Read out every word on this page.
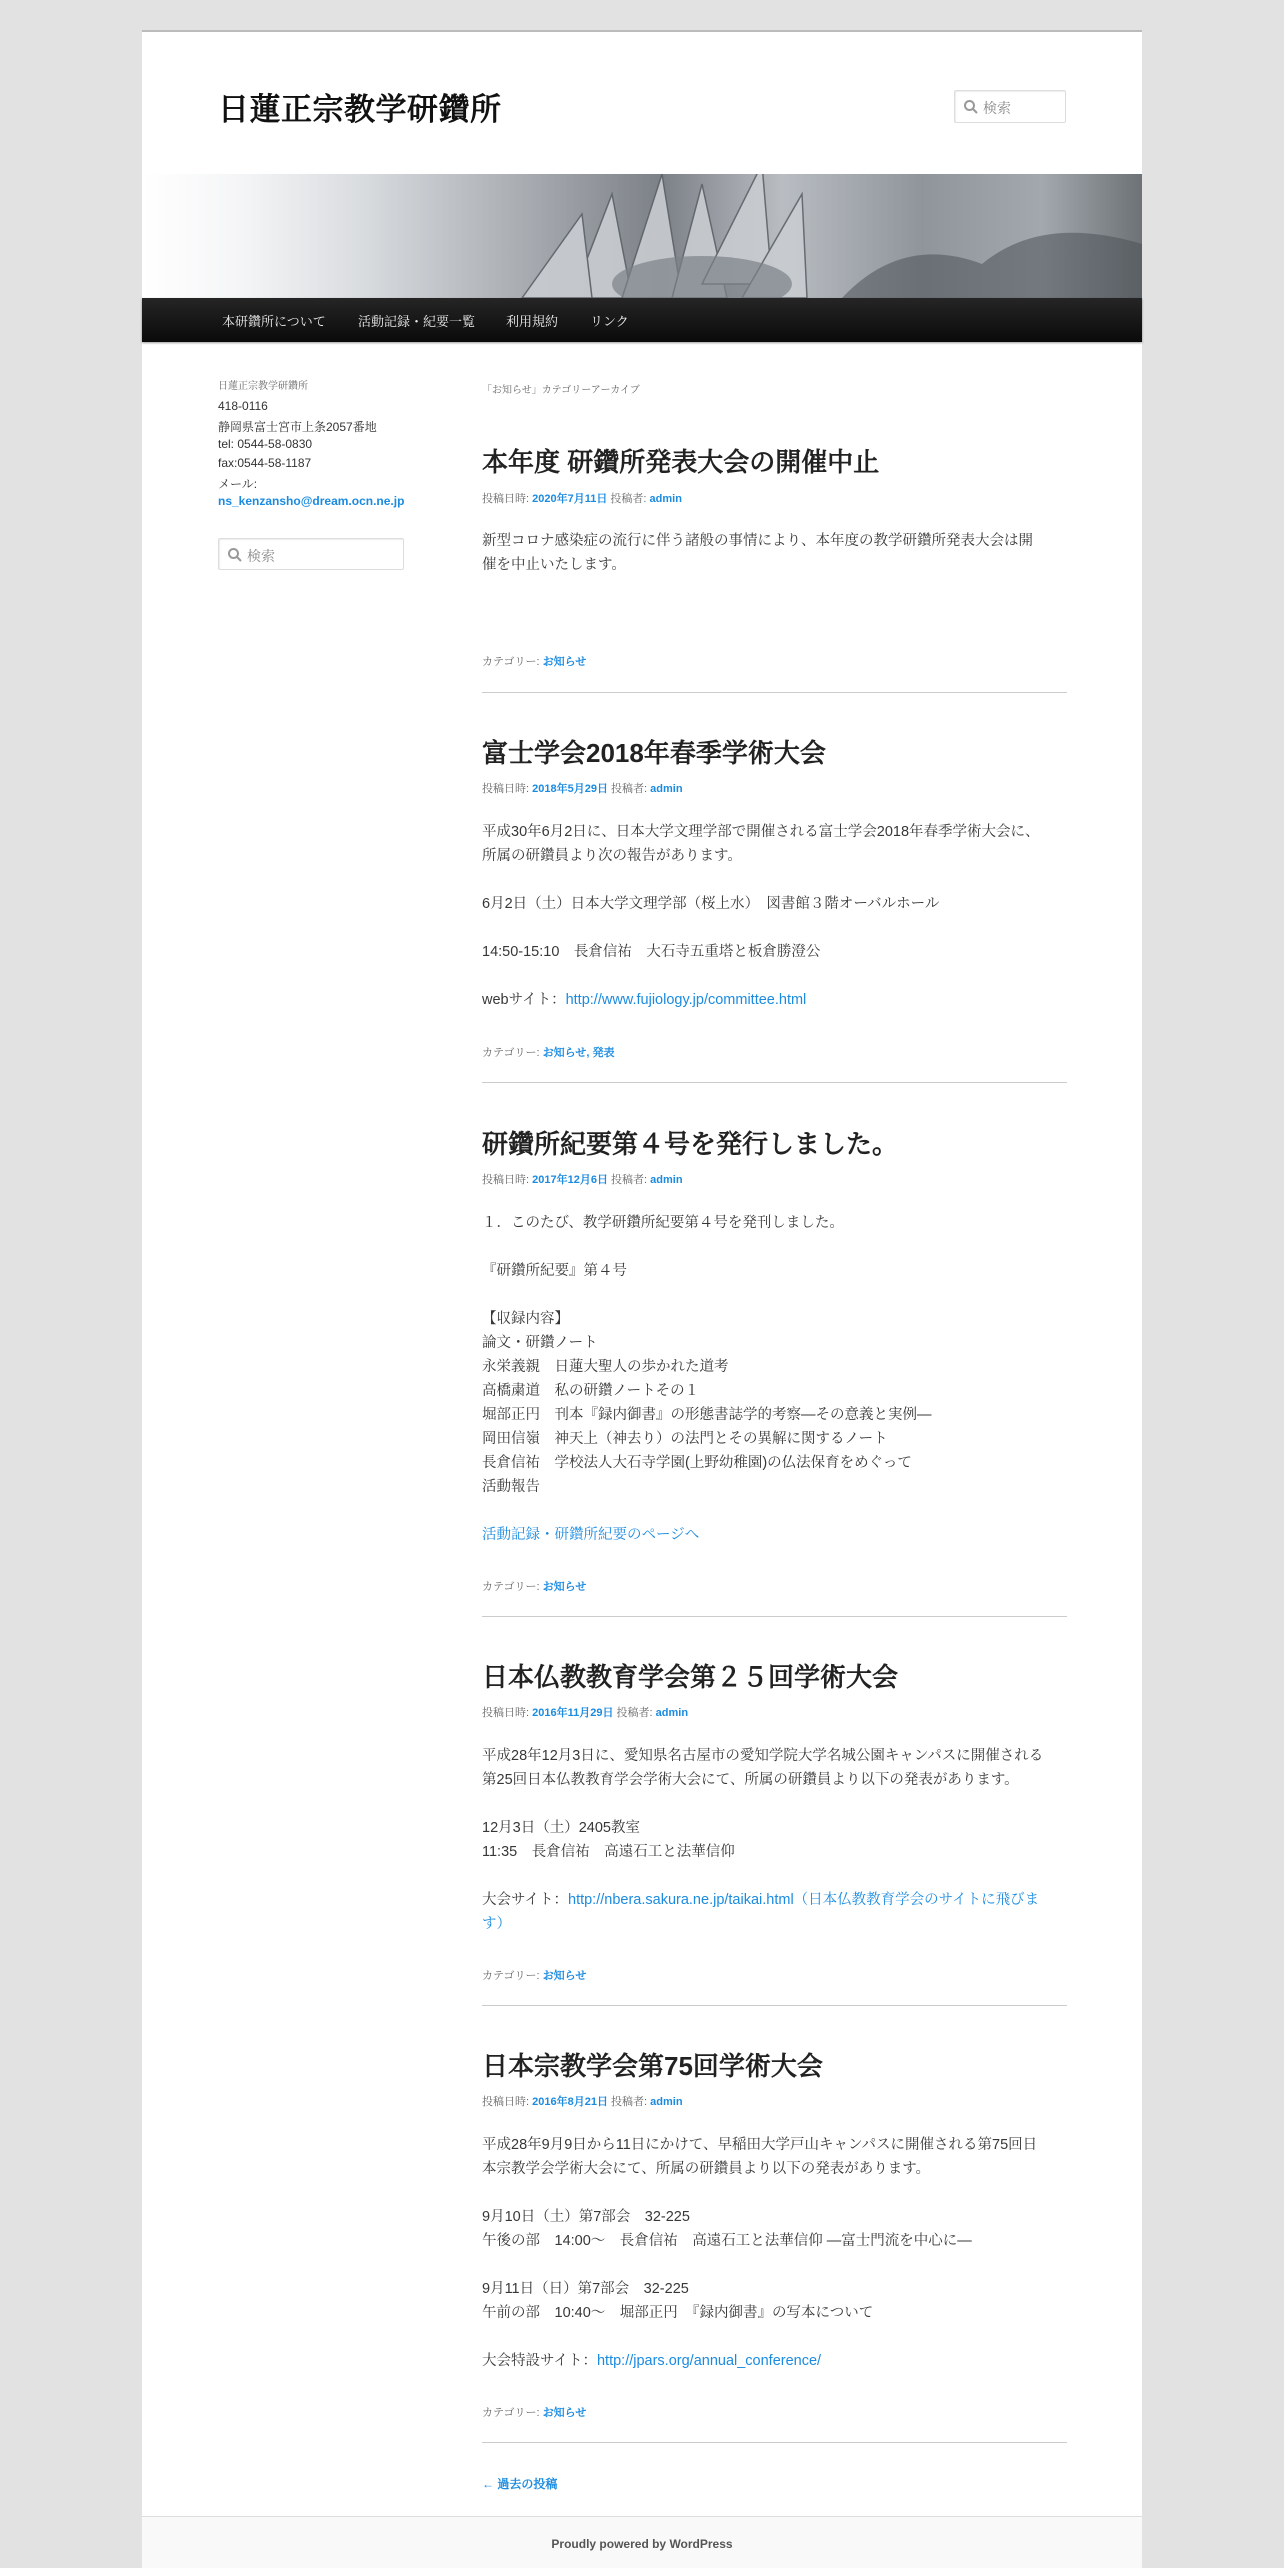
日蓮正宗教学研鑽所	検索
本研鑽所について 活動記録・紀要一覧 利用規約 リンク
日蓮正宗教学研鑽所
418-0116
静岡県富士宮市上条2057番地
tel: 0544-58-0830
fax:0544-58-1187
メール:
ns_kenzansho@dream.ocn.ne.jp
検索
「お知らせ」カテゴリーアーカイブ
本年度 研鑽所発表大会の開催中止
投稿日時: 2020年7月11日 投稿者: admin
新型コロナ感染症の流行に伴う諸般の事情により、本年度の教学研鑽所発表大会は開
催を中止いたします。
カテゴリー: お知らせ
富士学会2018年春季学術大会
投稿日時: 2018年5月29日 投稿者: admin
平成30年6月2日に、日本大学文理学部で開催される富士学会2018年春季学術大会に、
所属の研鑽員より次の報告があります。
6月2日（土）日本大学文理学部（桜上水）　図書館３階オーバルホール
14:50-15:10　長倉信祐　大石寺五重塔と板倉勝澄公
webサイト：http://www.fujiology.jp/committee.html
カテゴリー: お知らせ, 発表
研鑽所紀要第４号を発行しました。
投稿日時: 2017年12月6日 投稿者: admin
１．このたび、教学研鑽所紀要第４号を発刊しました。
『研鑽所紀要』第４号
【収録内容】
論文・研鑽ノート
永栄義親　日蓮大聖人の歩かれた道考
高橋粛道　私の研鑽ノートその１
堀部正円　刊本『録内御書』の形態書誌学的考察―その意義と実例―
岡田信嶺　神天上（神去り）の法門とその異解に関するノート
長倉信祐　学校法人大石寺学園(上野幼稚園)の仏法保育をめぐって
活動報告
活動記録・研鑽所紀要のページへ
カテゴリー: お知らせ
日本仏教教育学会第２５回学術大会
投稿日時: 2016年11月29日 投稿者: admin
平成28年12月3日に、愛知県名古屋市の愛知学院大学名城公園キャンパスに開催される
第25回日本仏教教育学会学術大会にて、所属の研鑽員より以下の発表があります。
12月3日（土）2405教室
11:35　長倉信祐　高遠石工と法華信仰
大会サイト：http://nbera.sakura.ne.jp/taikai.html（日本仏教教育学会のサイトに飛びま
す）
カテゴリー: お知らせ
日本宗教学会第75回学術大会
投稿日時: 2016年8月21日 投稿者: admin
平成28年9月9日から11日にかけて、早稲田大学戸山キャンパスに開催される第75回日
本宗教学会学術大会にて、所属の研鑽員より以下の発表があります。
9月10日（土）第7部会　32-225
午後の部　14:00～　長倉信祐　高遠石工と法華信仰 ―富士門流を中心に―
9月11日（日）第7部会　32-225
午前の部　10:40～　堀部正円　『録内御書』の写本について
大会特設サイト：http://jpars.org/annual_conference/
カテゴリー: お知らせ
← 過去の投稿
Proudly powered by WordPress
